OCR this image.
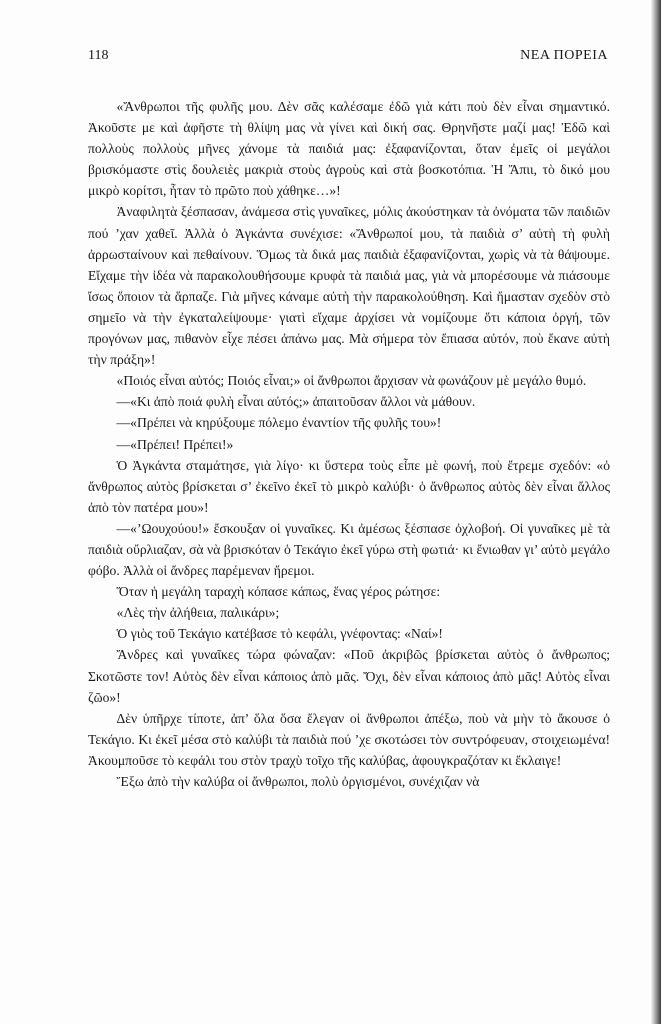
118	ΝΕΑ ΠΟΡΕΙΑ

«Ἄνθρωποι τῆς φυλῆς μου. Δὲν σᾶς καλέσαμε ἐδῶ γιὰ κάτι ποὺ δὲν εἶναι σημαντικό. Ἀκοῦστε με καὶ ἀφῆστε τὴ θλίψη μας νὰ γίνει καὶ δική σας. Θρηνῆστε μαζί μας! Ἐδῶ καὶ πολλοὺς πολλοὺς μῆνες χάνομε τὰ παιδιά μας: ἐξαφανίζονται, ὅταν ἐμεῖς οἱ μεγάλοι βρισκόμαστε στὶς δουλειὲς μακριὰ στοὺς ἀγροὺς καὶ στὰ βοσκοτόπια. Ἡ Ἄπιι, τὸ δικό μου μικρὸ κορίτσι, ἦταν τὸ πρῶτο ποὺ χάθηκε…»!

Ἀναφιλητὰ ξέσπασαν, ἀνάμεσα στὶς γυναῖκες, μόλις ἀκούστηκαν τὰ ὀνόματα τῶν παιδιῶν πού ’χαν χαθεῖ. Ἀλλὰ ὁ Ἀγκάντα συνέχισε: «Ἄνθρωποί μου, τὰ παιδιὰ σ’ αὐτὴ τὴ φυλὴ ἀρρωσταίνουν καὶ πεθαίνουν. Ὅμως τὰ δικά μας παιδιὰ ἐξαφανίζονται, χωρὶς νὰ τὰ θάψουμε. Εἴχαμε τὴν ἰδέα νὰ παρακολουθήσουμε κρυφὰ τὰ παιδιά μας, γιὰ νὰ μπορέσουμε νὰ πιάσουμε ἴσως ὅποιον τὰ ἅρπαζε. Γιὰ μῆνες κάναμε αὐτὴ τὴν παρακολούθηση. Καὶ ἤμασταν σχεδὸν στὸ σημεῖο νὰ τὴν ἐγκαταλείψουμε· γιατὶ εἴχαμε ἀρχίσει νὰ νομίζουμε ὅτι κάποια ὀργή, τῶν προγόνων μας, πιθανὸν εἶχε πέσει ἀπάνω μας. Μὰ σήμερα τὸν ἔπιασα αὐτόν, ποὺ ἔκανε αὐτὴ τὴν πράξη»!

«Ποιός εἶναι αὐτός; Ποιός εἶναι;» οἱ ἄνθρωποι ἄρχισαν νὰ φωνάζουν μὲ μεγάλο θυμό.

—«Κι ἀπὸ ποιά φυλὴ εἶναι αὐτός;» ἀπαιτοῦσαν ἄλλοι νὰ μάθουν.

—«Πρέπει νὰ κηρύξουμε πόλεμο ἐναντίον τῆς φυλῆς του»!

—«Πρέπει! Πρέπει!»

Ὁ Ἀγκάντα σταμάτησε, γιὰ λίγο· κι ὕστερα τοὺς εἶπε μὲ φωνή, ποὺ ἔτρεμε σχεδόν: «ὁ ἄνθρωπος αὐτὸς βρίσκεται σ’ ἐκεῖνο ἐκεῖ τὸ μικρὸ καλύβι· ὁ ἄνθρωπος αὐτὸς δὲν εἶναι ἄλλος ἀπὸ τὸν πατέρα μου»!

—«’Ωουχούου!» ἔσκουξαν οἱ γυναῖκες. Κι ἀμέσως ξέσπασε ὀχλοβοή. Οἱ γυναῖκες μὲ τὰ παιδιὰ οὔρλιαζαν, σὰ νὰ βρισκόταν ὁ Τεκάγιο ἐκεῖ γύρω στὴ φωτιά· κι ἔνιωθαν γι’ αὐτὸ μεγάλο φόβο. Ἀλλὰ οἱ ἄνδρες παρέμεναν ἤρεμοι.

Ὅταν ἡ μεγάλη ταραχὴ κόπασε κάπως, ἕνας γέρος ρώτησε:

«Λὲς τὴν ἀλήθεια, παλικάρι»;

Ὁ γιὸς τοῦ Τεκάγιο κατέβασε τὸ κεφάλι, γνέφοντας: «Ναί»!

Ἄνδρες καὶ γυναῖκες τώρα φώναζαν: «Ποῦ ἀκριβῶς βρίσκεται αὐτὸς ὁ ἄνθρωπος; Σκοτῶστε τον! Αὐτὸς δὲν εἶναι κάποιος ἀπὸ μᾶς. Ὄχι, δὲν εἶναι κάποιος ἀπὸ μᾶς! Αὐτὸς εἶναι ζῶο»!

Δὲν ὑπῆρχε τίποτε, ἀπ’ ὅλα ὅσα ἔλεγαν οἱ ἄνθρωποι ἀπέξω, ποὺ νὰ μὴν τὸ ἄκουσε ὁ Τεκάγιο. Κι ἐκεῖ μέσα στὸ καλύβι τὰ παιδιὰ πού ’χε σκοτώσει τὸν συντρόφευαν, στοιχειωμένα! Ἀκουμποῦσε τὸ κεφάλι του στὸν τραχὺ τοῖχο τῆς καλύβας, ἀφουγκραζόταν κι ἔκλαιγε!

Ἔξω ἀπὸ τὴν καλύβα οἱ ἄνθρωποι, πολὺ ὀργισμένοι, συνέχιζαν νὰ
